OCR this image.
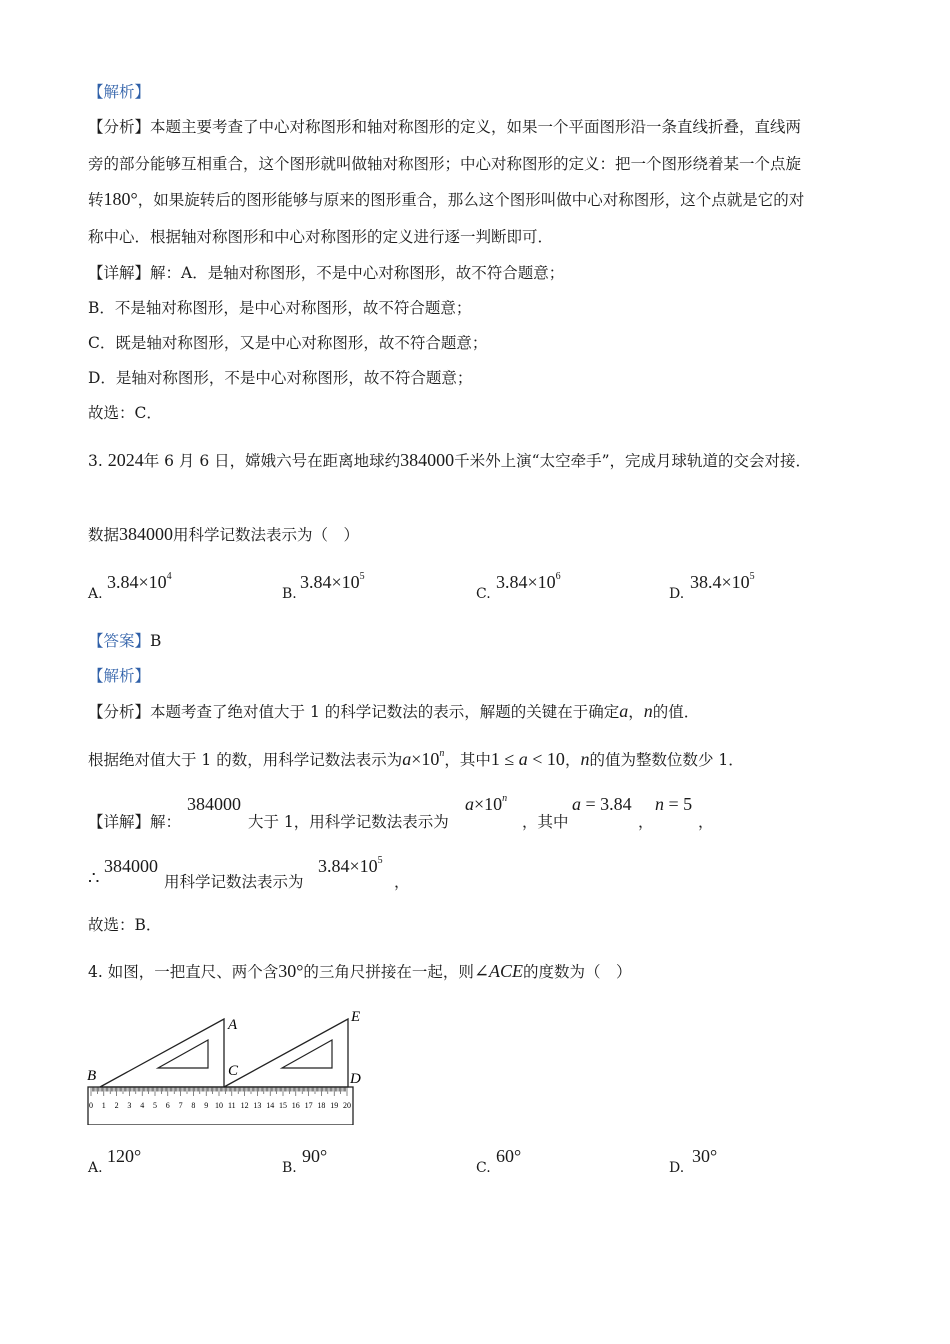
【解析】
【分析】本题主要考查了中心对称图形和轴对称图形的定义，如果一个平面图形沿一条直线折叠，直线两
旁的部分能够互相重合，这个图形就叫做轴对称图形；中心对称图形的定义：把一个图形绕着某一个点旋
转180°，如果旋转后的图形能够与原来的图形重合，那么这个图形叫做中心对称图形，这个点就是它的对
称中心．根据轴对称图形和中心对称图形的定义进行逐一判断即可．
【详解】解：A．是轴对称图形，不是中心对称图形，故不符合题意；
B．不是轴对称图形，是中心对称图形，故不符合题意；
C．既是轴对称图形，又是中心对称图形，故不符合题意；
D．是轴对称图形，不是中心对称图形，故不符合题意；
故选：C．
3. 2024年 6 月 6 日，嫦娥六号在距离地球约384000千米外上演“太空牵手”，完成月球轨道的交会对接．
数据384000用科学记数法表示为（　）
A.
$3.84\times 10^4$
B.
$3.84\times 10^5$
C.
$3.84\times 10^6$
D.
$38.4\times 10^5$
【答案】B
【解析】
【分析】本题考查了绝对值大于 1 的科学记数法的表示，解题的关键在于确定a，n的值．
根据绝对值大于 1 的数，用科学记数法表示为$a\times 10^n$，其中1 ≤ a < 10，n的值为整数位数少 1．
【详解】解：
384000
大于 1，用科学记数法表示为
$a\times 10^n$
，其中
a = 3.84
，
n = 5
，
∴
384000
用科学记数法表示为
$3.84\times 10^5$
，
故选：B．
4. 如图，一把直尺、两个含30°的三角尺拼接在一起，则∠ACE的度数为（　）
0 1 2 3 4 5 6 7 8 9 10 11 12 13 14 15 16 17 18 19 20
A
B	C	D
E
A.
120°
B.
90°
C.
60°
D.
30°
